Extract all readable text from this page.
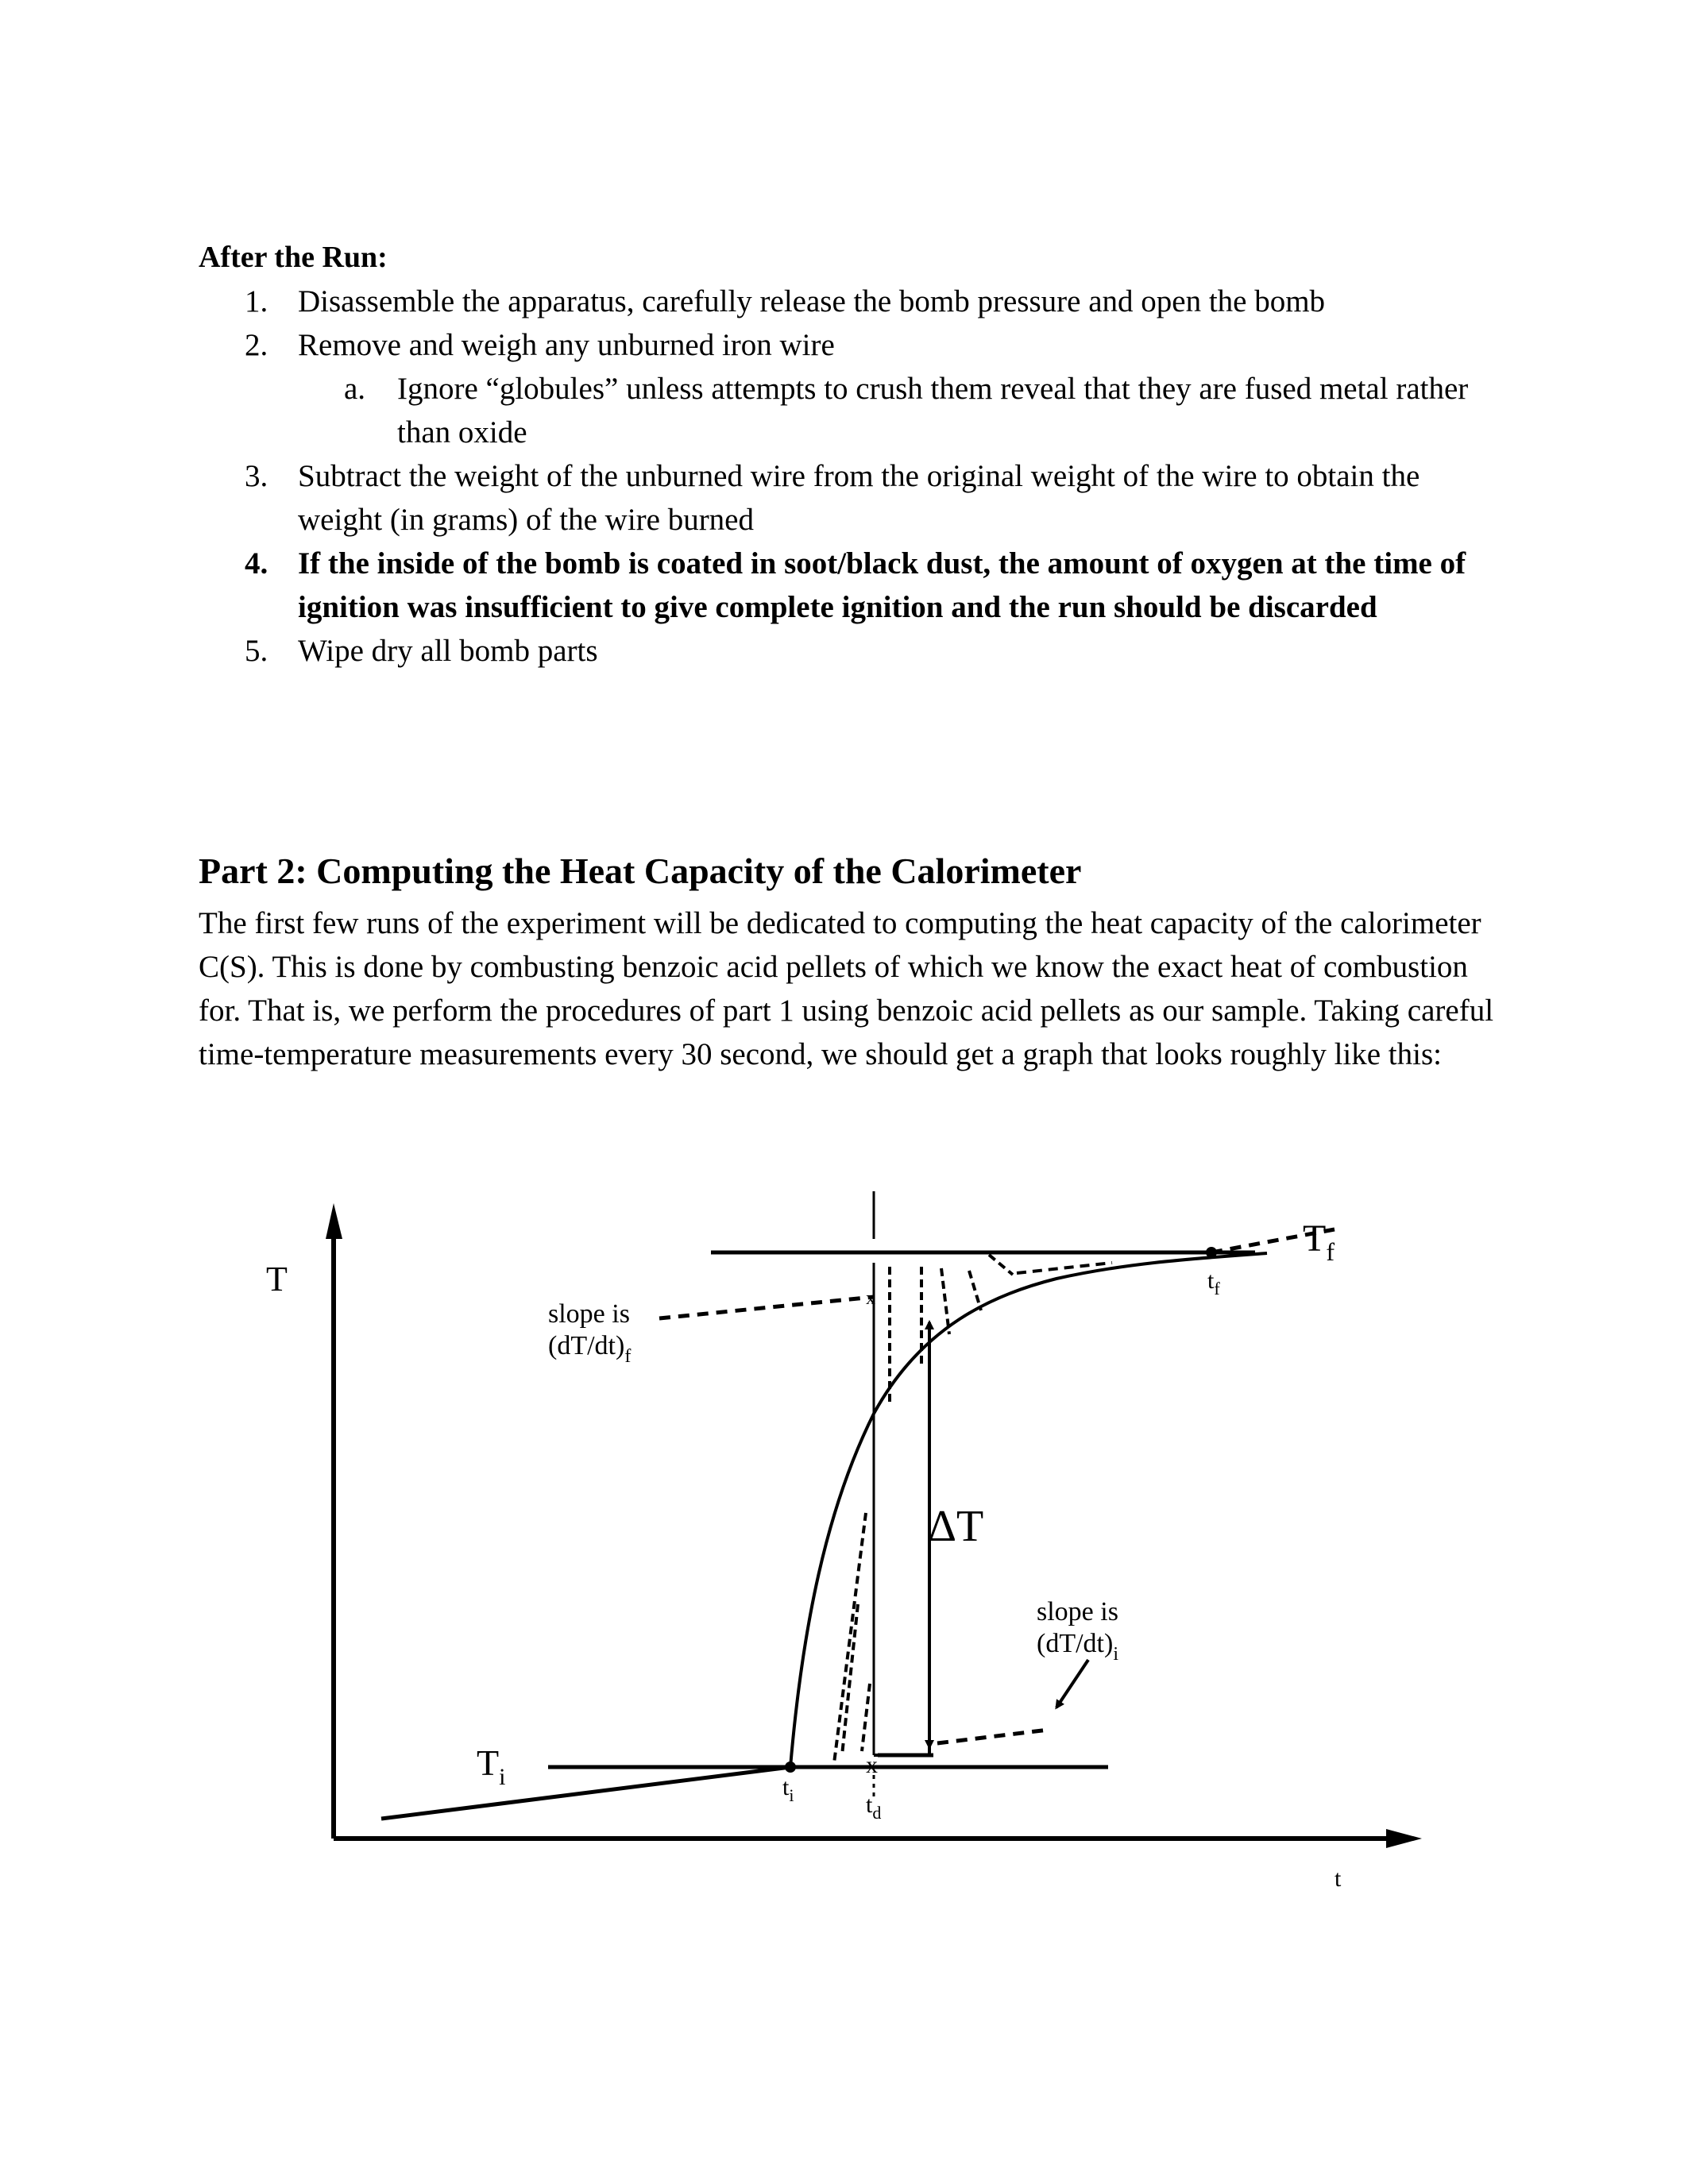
After the Run:
1. Disassemble the apparatus, carefully release the bomb pressure and open the bomb
2. Remove and weigh any unburned iron wire
a. Ignore “globules” unless attempts to crush them reveal that they are fused metal rather than oxide
3. Subtract the weight of the unburned wire from the original weight of the wire to obtain the weight (in grams) of the wire burned
4. If the inside of the bomb is coated in soot/black dust, the amount of oxygen at the time of ignition was insufficient to give complete ignition and the run should be discarded
5. Wipe dry all bomb parts
Part 2: Computing the Heat Capacity of the Calorimeter
The first few runs of the experiment will be dedicated to computing the heat capacity of the calorimeter C(S). This is done by combusting benzoic acid pellets of which we know the exact heat of combustion for. That is, we perform the procedures of part 1 using benzoic acid pellets as our sample. Taking careful time-temperature measurements every 30 second, we should get a graph that looks roughly like this:
x
x
T
t
$T_i$
$T_f$
$t_i$	$t_d$
$t_f$
ΔT
slope is
$(dT/dt)_f$
slope is
$(dT/dt)_i$
